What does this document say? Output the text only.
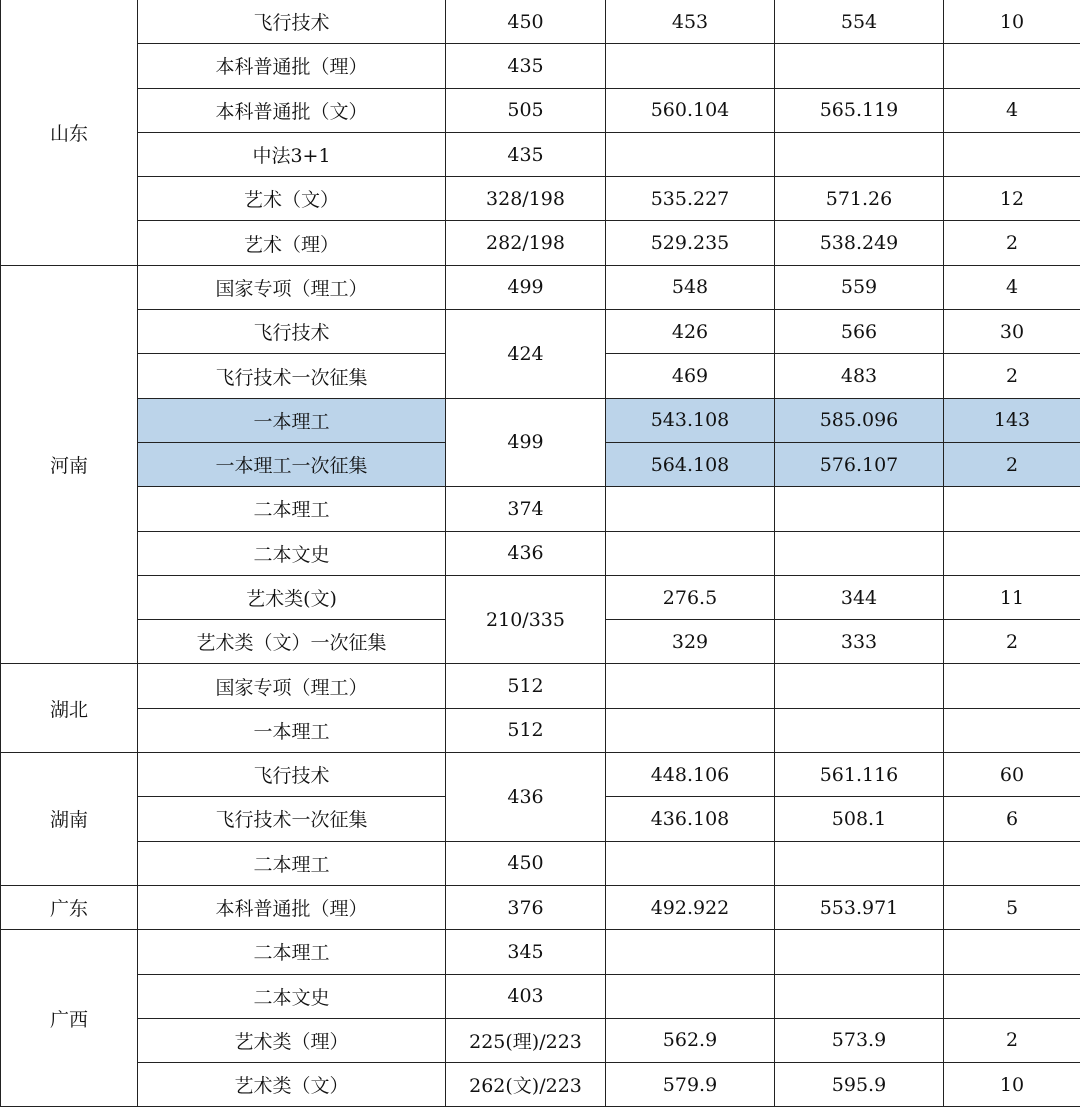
山东	飞行技术	450	453	554	10
	本科普通批（理）	435			
	本科普通批（文）	505	560.104	565.119	4
	中法3+1	435			
	艺术（文）	328/198	535.227	571.26	12
	艺术（理）	282/198	529.235	538.249	2
河南	国家专项（理工）	499	548	559	4
	飞行技术	424	426	566	30
	飞行技术一次征集		469	483	2
	一本理工	499	543.108	585.096	143
	一本理工一次征集		564.108	576.107	2
	二本理工	374			
	二本文史	436			
	艺术类(文)	210/335	276.5	344	11
	艺术类（文）一次征集		329	333	2
湖北	国家专项（理工）	512			
	一本理工	512			
湖南	飞行技术	436	448.106	561.116	60
	飞行技术一次征集		436.108	508.1	6
	二本理工	450			
广东	本科普通批（理）	376	492.922	553.971	5
广西	二本理工	345			
	二本文史	403			
	艺术类（理）	225(理)/223	562.9	573.9	2
	艺术类（文）	262(文)/223	579.9	595.9	10
